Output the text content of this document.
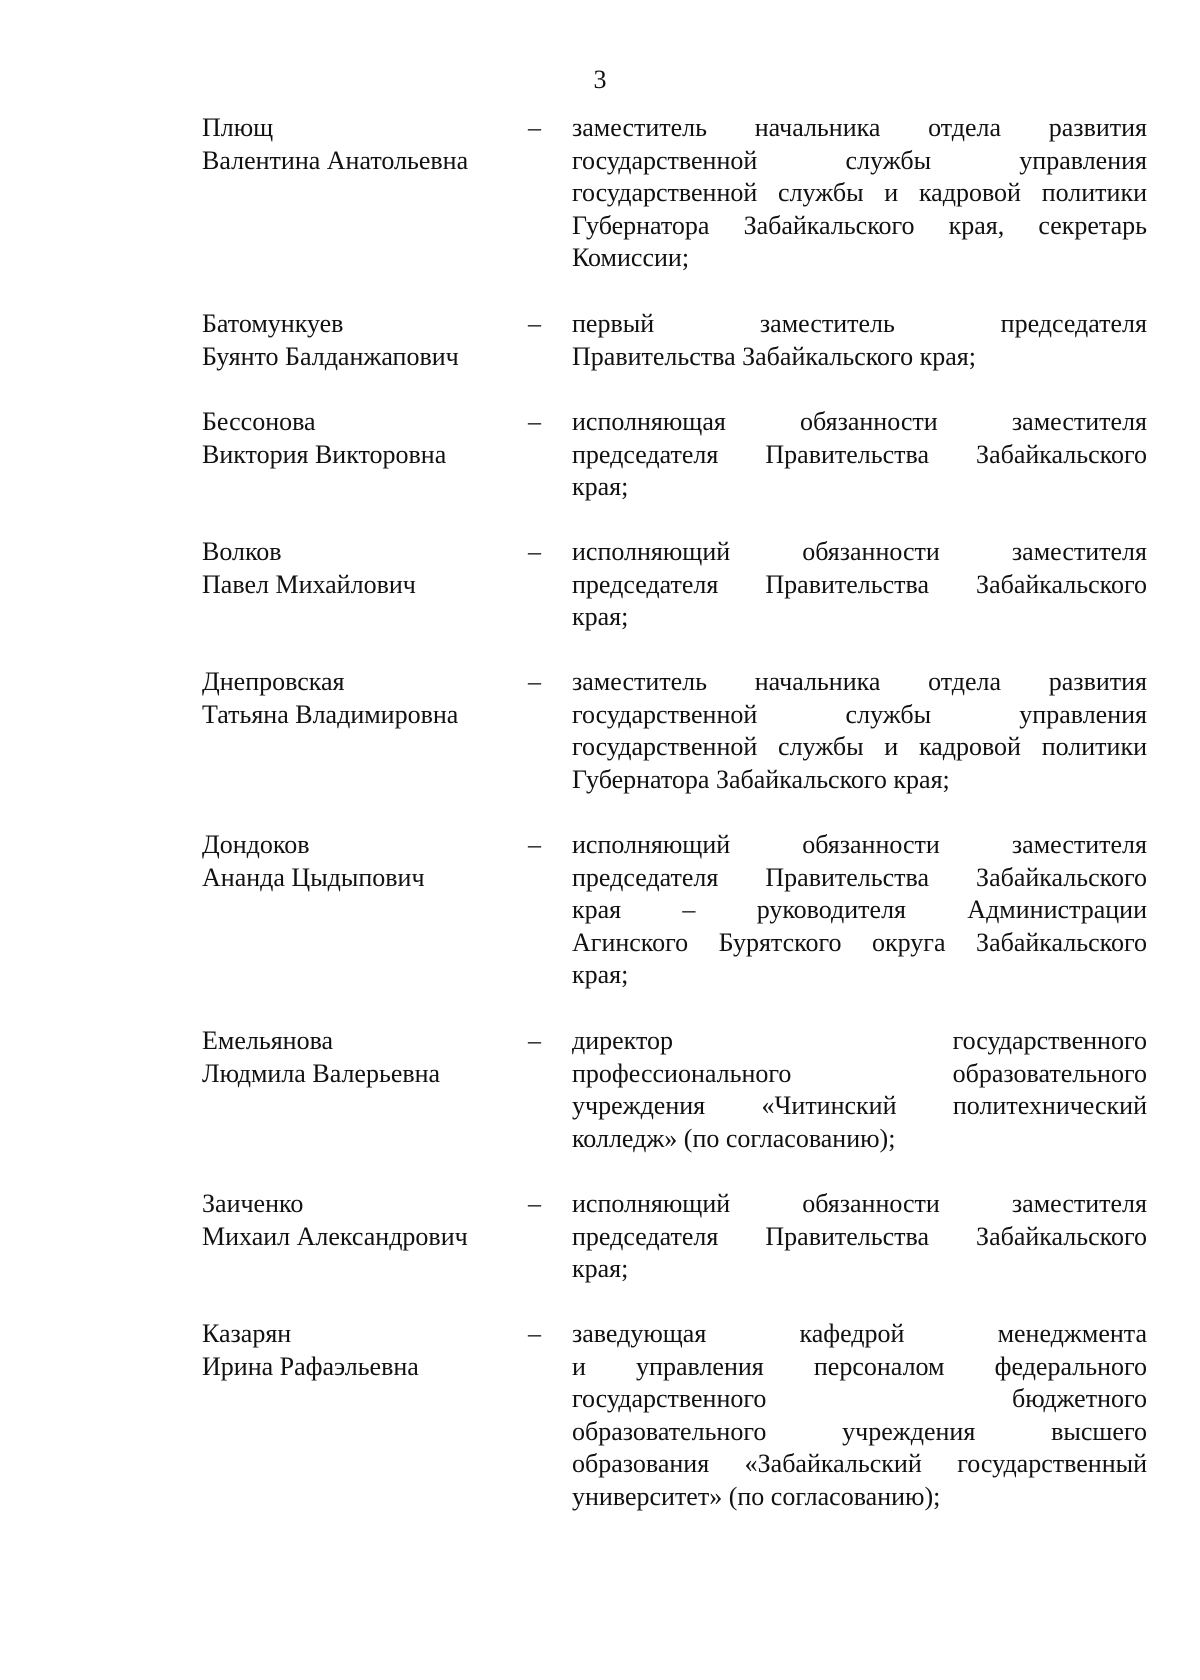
3
Плющ
Валентина Анатольевна
– заместитель начальника отдела развития
государственной службы управления
государственной службы и кадровой политики
Губернатора Забайкальского края, секретарь
Комиссии;
Батомункуев
Буянто Балданжапович
– первый заместитель председателя
Правительства Забайкальского края;
Бессонова
Виктория Викторовна
– исполняющая обязанности заместителя
председателя Правительства Забайкальского
края;
Волков
Павел Михайлович
– исполняющий обязанности заместителя
председателя Правительства Забайкальского
края;
Днепровская
Татьяна Владимировна
– заместитель начальника отдела развития
государственной службы управления
государственной службы и кадровой политики
Губернатора Забайкальского края;
Дондоков
Ананда Цыдыпович
– исполняющий обязанности заместителя
председателя Правительства Забайкальского
края – руководителя Администрации
Агинского Бурятского округа Забайкальского
края;
Емельянова
Людмила Валерьевна
– директор государственного
профессионального образовательного
учреждения «Читинский политехнический
колледж» (по согласованию);
Заиченко
Михаил Александрович
– исполняющий обязанности заместителя
председателя Правительства Забайкальского
края;
Казарян
Ирина Рафаэльевна
– заведующая кафедрой менеджмента
и управления персоналом федерального
государственного бюджетного
образовательного учреждения высшего
образования «Забайкальский государственный
университет» (по согласованию);
